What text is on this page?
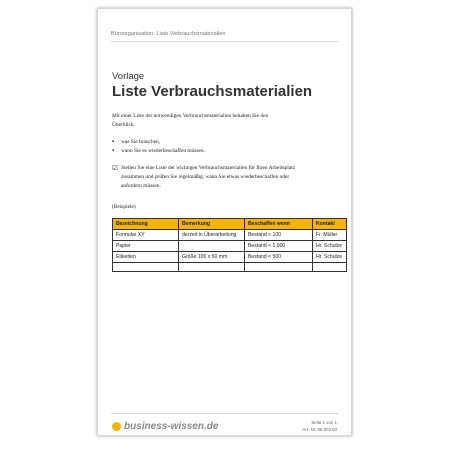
Büroorganisation: Liste Verbrauchsmaterialien
Vorlage
Liste Verbrauchsmaterialien
Mit einer Liste der notwendigen Verbrauchsmaterialien behalten Sie den Überblick,
▪ was Sie brauchen,
▪ wann Sie es wiederbeschaffen müssen.
☑ Stellen Sie eine Liste der wichtigen Verbrauchsmaterialien für Ihren Arbeitsplatz zusammen und prüfen Sie regelmäßig, wann Sie etwas wiederbeschaffen oder anfordern müssen.
(Beispiele)
Bezeichnung	Bemerkung	Beschaffen wenn	Kontakt
Formular XY	derzeit in Überarbeitung	Bestand < 100	Fr. Müller
Papier		Bestand < 1.000	Hr. Schulze
Etiketten	Größe 100 x 50 mm	Bestand < 500	Hr. Schulze

business-wissen.de	Seite 1 von 1
Art.-Nr. 06.003.03
